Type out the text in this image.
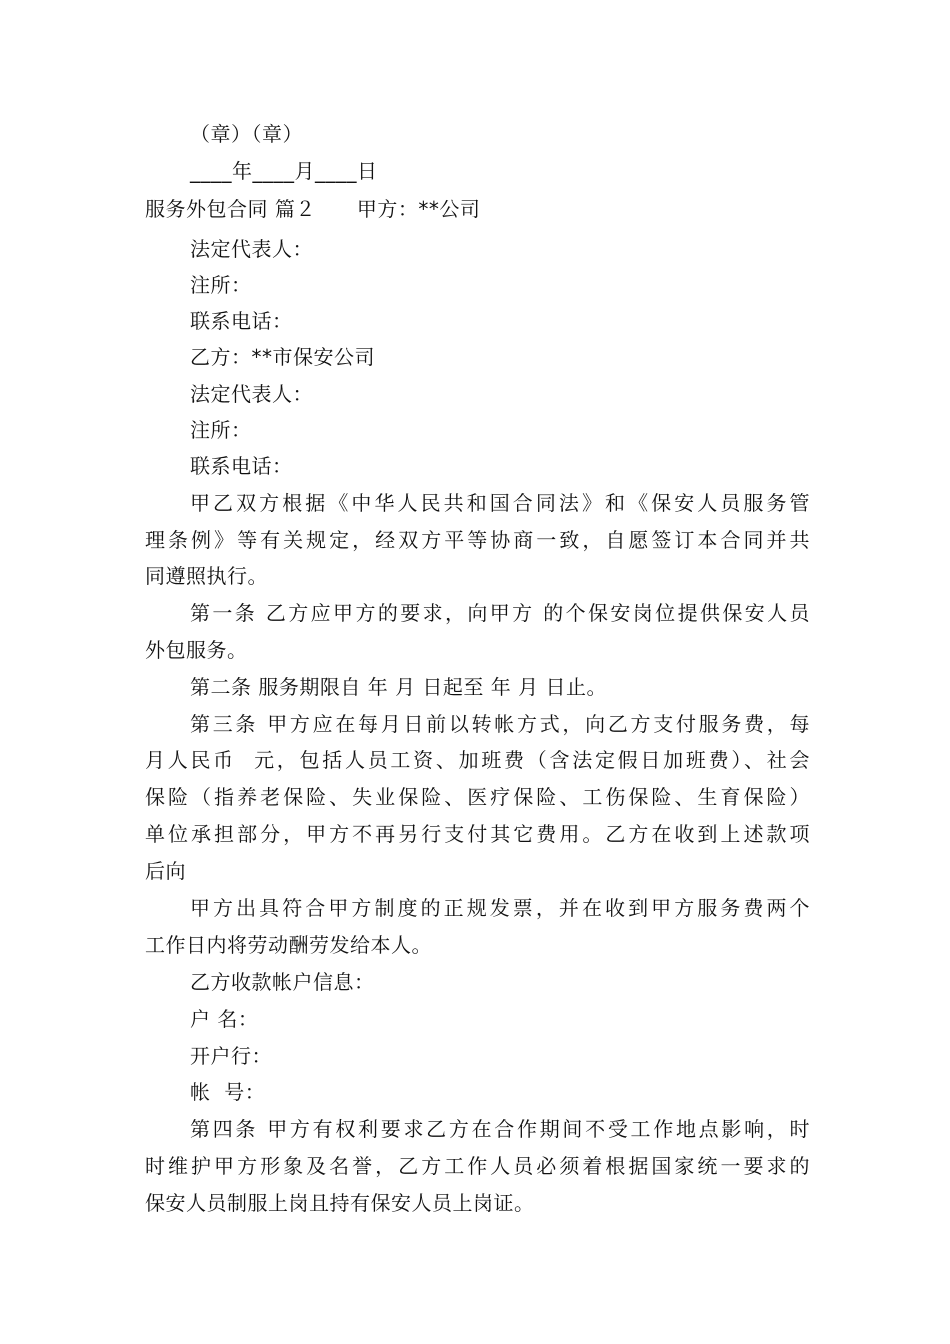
（章）（章）
____年____月____日
服务外包合同 篇２　　甲方：**公司
法定代表人：
注所：
联系电话：
乙方：**市保安公司
法定代表人：
注所：
联系电话：
甲乙双方根据《中华人民共和国合同法》和《保安人员服务管
理条例》等有关规定，经双方平等协商一致，自愿签订本合同并共
同遵照执行。
第一条 乙方应甲方的要求，向甲方 的个保安岗位提供保安人员
外包服务。
第二条 服务期限自 年 月 日起至 年 月 日止。
第三条 甲方应在每月日前以转帐方式，向乙方支付服务费，每
月人民币  元，包括人员工资、加班费（含法定假日加班费）、社会
保险（指养老保险、失业保险、医疗保险、工伤保险、生育保险）
单位承担部分，甲方不再另行支付其它费用。乙方在收到上述款项
后向
甲方出具符合甲方制度的正规发票，并在收到甲方服务费两个
工作日内将劳动酬劳发给本人。
乙方收款帐户信息：
户 名：
开户行：
帐  号：
第四条 甲方有权利要求乙方在合作期间不受工作地点影响，时
时维护甲方形象及名誉，乙方工作人员必须着根据国家统一要求的
保安人员制服上岗且持有保安人员上岗证。
